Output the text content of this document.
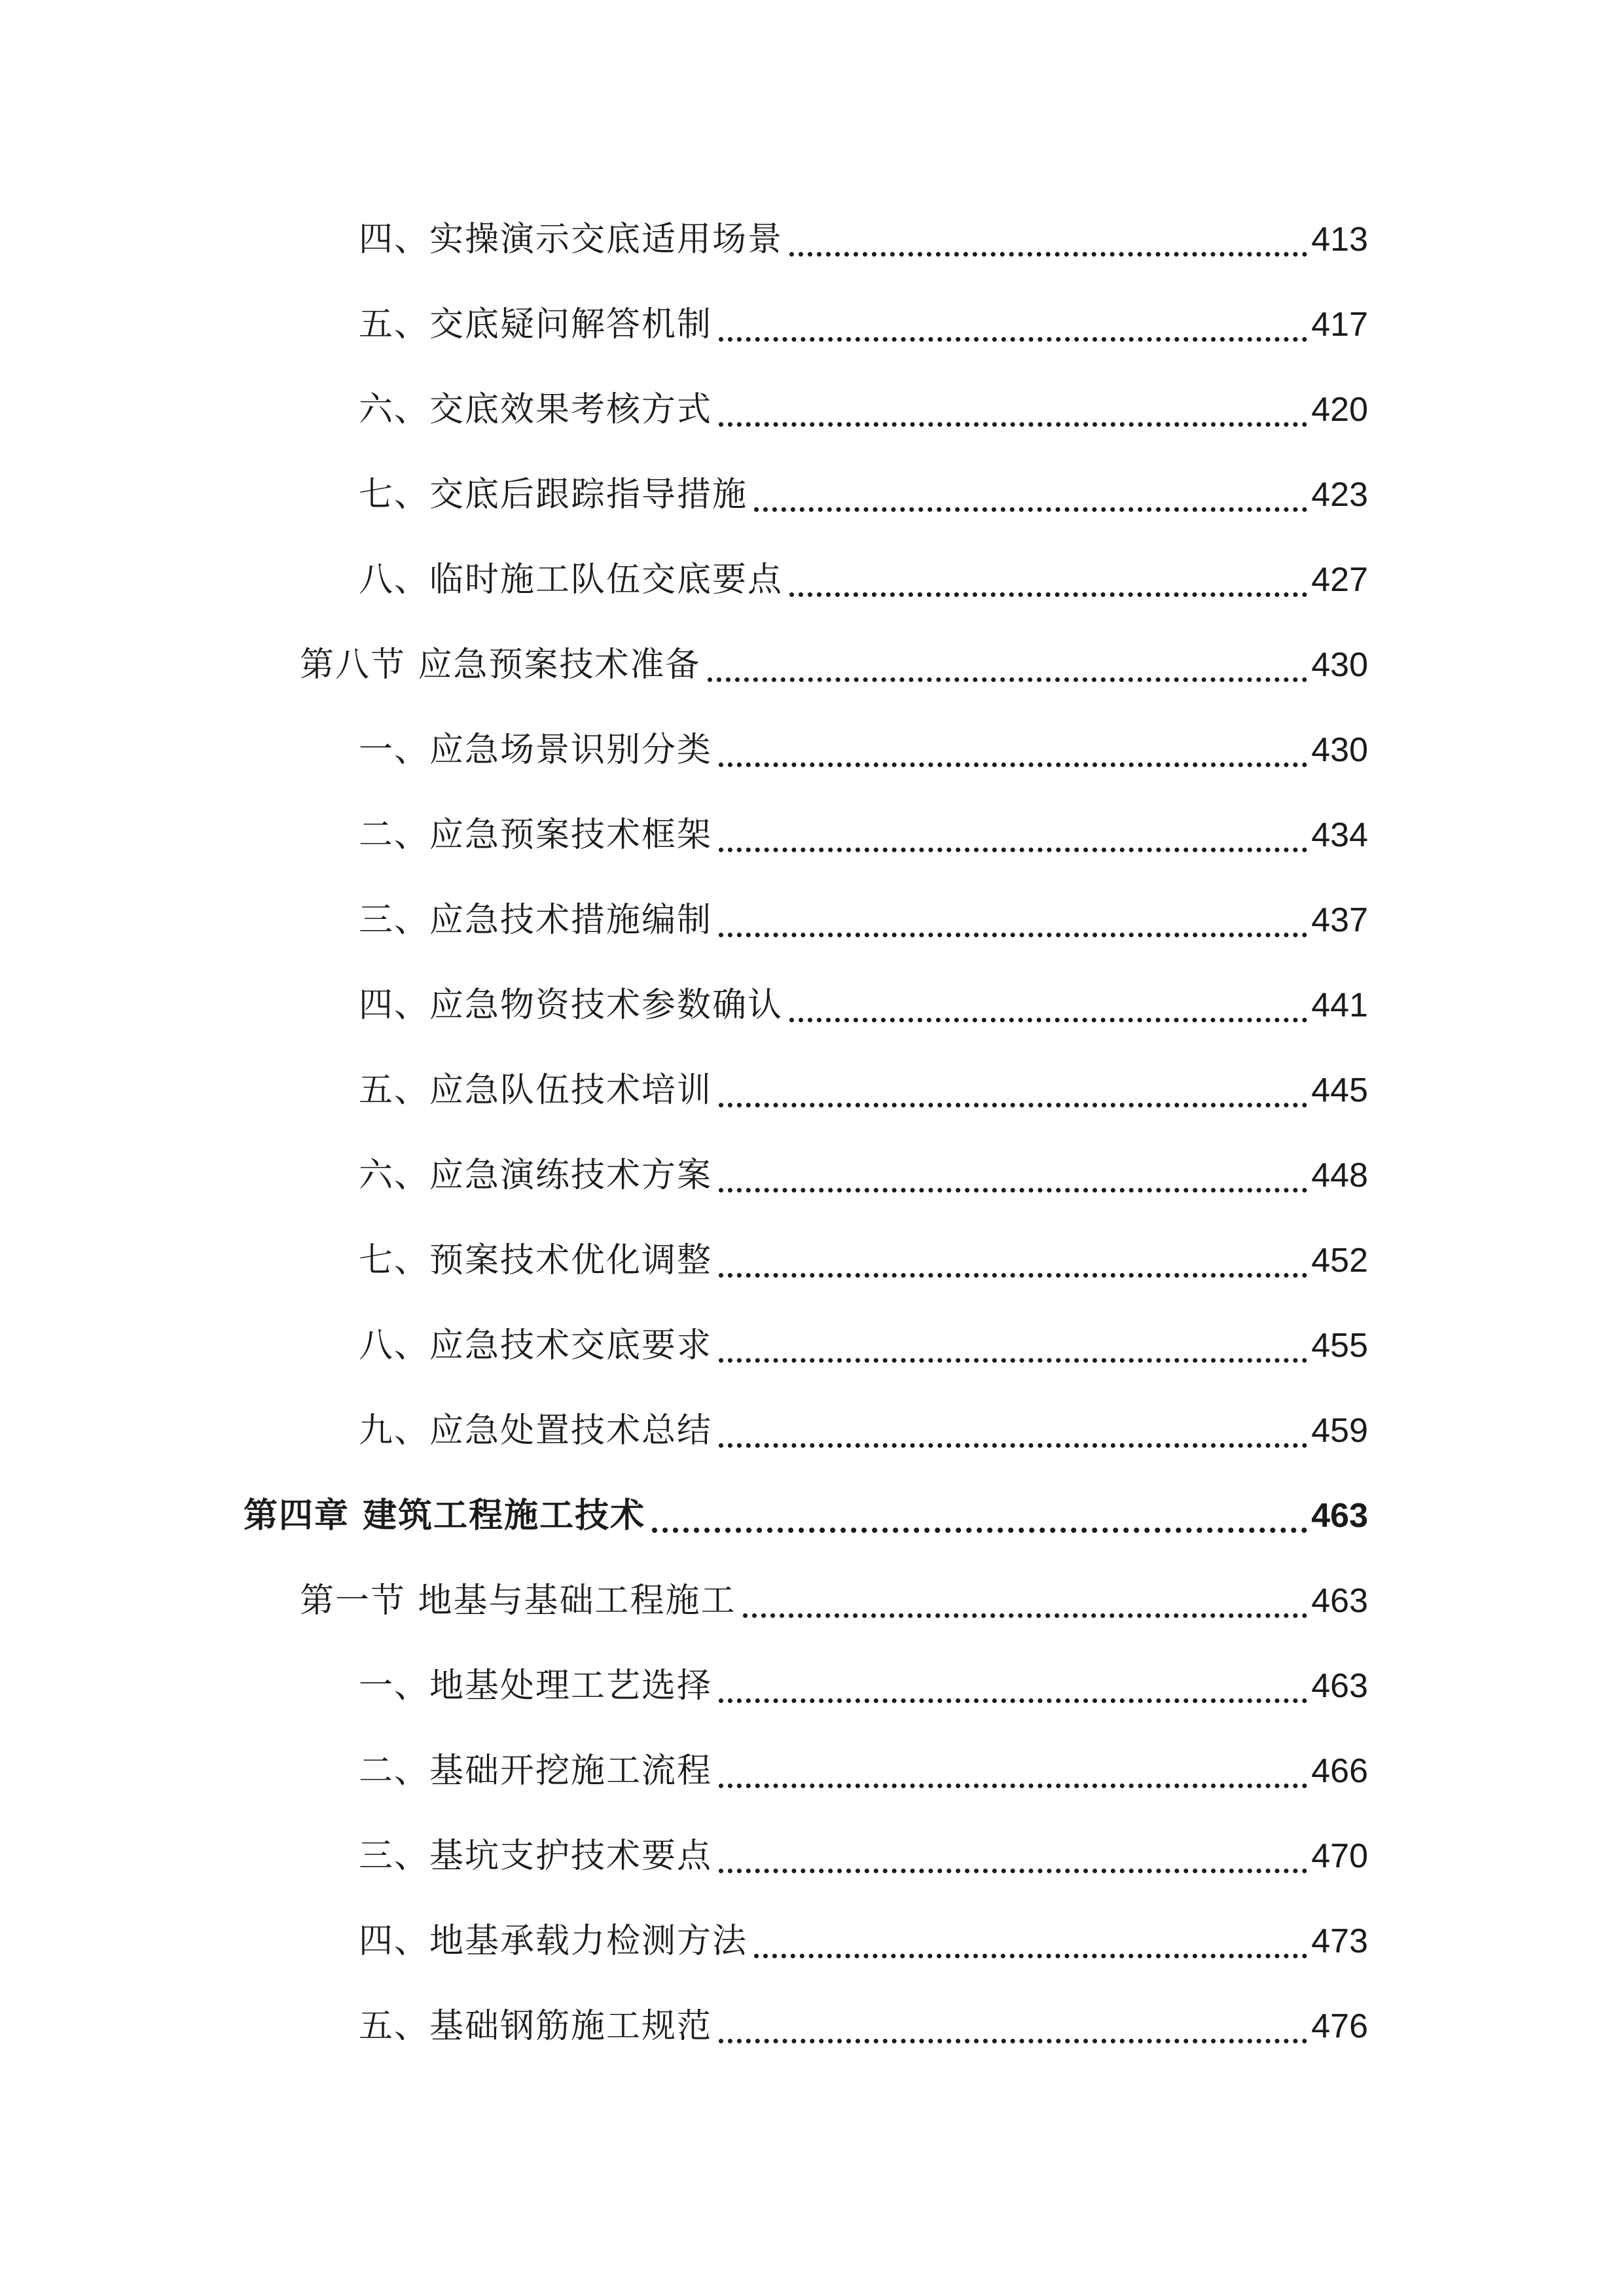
四、实操演示交底适用场景	413
五、交底疑问解答机制	417
六、交底效果考核方式	420
七、交底后跟踪指导措施	423
八、临时施工队伍交底要点	427
第八节 应急预案技术准备	430
一、应急场景识别分类	430
二、应急预案技术框架	434
三、应急技术措施编制	437
四、应急物资技术参数确认	441
五、应急队伍技术培训	445
六、应急演练技术方案	448
七、预案技术优化调整	452
八、应急技术交底要求	455
九、应急处置技术总结	459
第四章 建筑工程施工技术	463
第一节 地基与基础工程施工	463
一、地基处理工艺选择	463
二、基础开挖施工流程	466
三、基坑支护技术要点	470
四、地基承载力检测方法	473
五、基础钢筋施工规范	476
